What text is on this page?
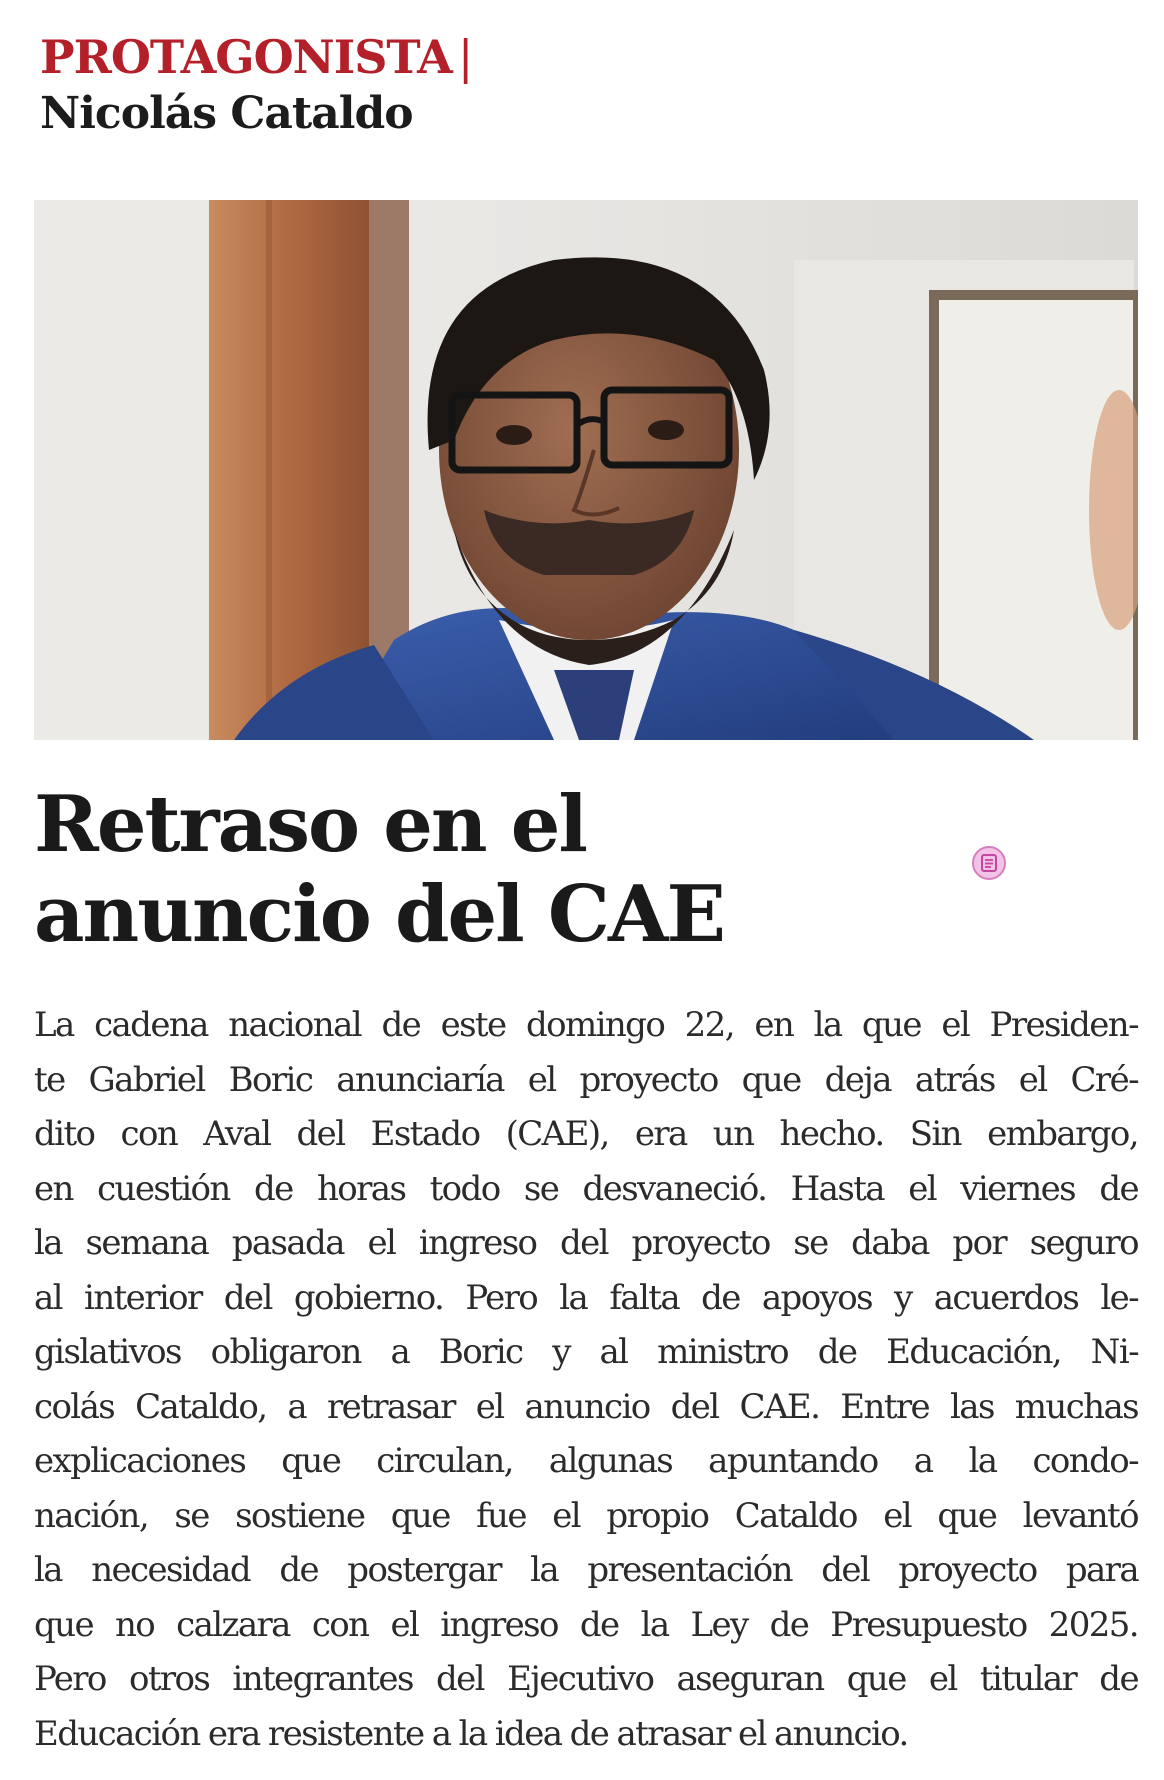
PROTAGONISTA |
Nicolás Cataldo
Retraso en el
anuncio del CAE
La cadena nacional de este domingo 22, en la que el Presiden-
te Gabriel Boric anunciaría el proyecto que deja atrás el Cré-
dito con Aval del Estado (CAE), era un hecho. Sin embargo,
en cuestión de horas todo se desvaneció. Hasta el viernes de
la semana pasada el ingreso del proyecto se daba por seguro
al interior del gobierno. Pero la falta de apoyos y acuerdos le-
gislativos obligaron a Boric y al ministro de Educación, Ni-
colás Cataldo, a retrasar el anuncio del CAE. Entre las muchas
explicaciones que circulan, algunas apuntando a la condo-
nación, se sostiene que fue el propio Cataldo el que levantó
la necesidad de postergar la presentación del proyecto para
que no calzara con el ingreso de la Ley de Presupuesto 2025.
Pero otros integrantes del Ejecutivo aseguran que el titular de
Educación era resistente a la idea de atrasar el anuncio.
